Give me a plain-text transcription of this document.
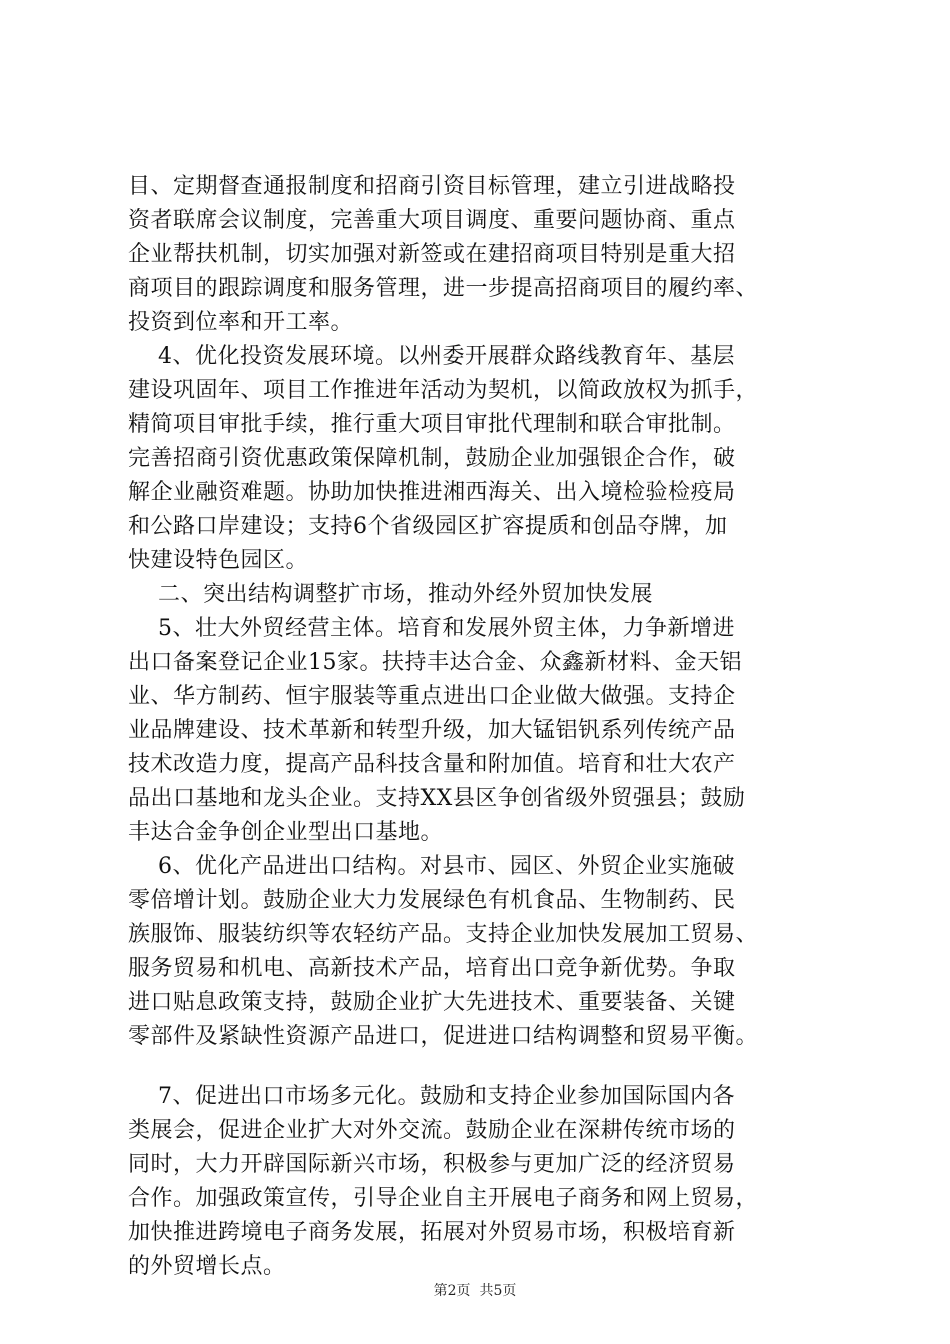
目、定期督查通报制度和招商引资目标管理，建立引进战略投
资者联席会议制度，完善重大项目调度、重要问题协商、重点
企业帮扶机制，切实加强对新签或在建招商项目特别是重大招
商项目的跟踪调度和服务管理，进一步提高招商项目的履约率、
投资到位率和开工率。
4、优化投资发展环境。以州委开展群众路线教育年、基层
建设巩固年、项目工作推进年活动为契机，以简政放权为抓手，
精简项目审批手续，推行重大项目审批代理制和联合审批制。
完善招商引资优惠政策保障机制，鼓励企业加强银企合作，破
解企业融资难题。协助加快推进湘西海关、出入境检验检疫局
和公路口岸建设；支持6个省级园区扩容提质和创品夺牌，加
快建设特色园区。
二、突出结构调整扩市场，推动外经外贸加快发展
5、壮大外贸经营主体。培育和发展外贸主体，力争新增进
出口备案登记企业15家。扶持丰达合金、众鑫新材料、金天铝
业、华方制药、恒宇服装等重点进出口企业做大做强。支持企
业品牌建设、技术革新和转型升级，加大锰铝钒系列传统产品
技术改造力度，提高产品科技含量和附加值。培育和壮大农产
品出口基地和龙头企业。支持XX县区争创省级外贸强县；鼓励
丰达合金争创企业型出口基地。
6、优化产品进出口结构。对县市、园区、外贸企业实施破
零倍增计划。鼓励企业大力发展绿色有机食品、生物制药、民
族服饰、服装纺织等农轻纺产品。支持企业加快发展加工贸易、
服务贸易和机电、高新技术产品，培育出口竞争新优势。争取
进口贴息政策支持，鼓励企业扩大先进技术、重要装备、关键
零部件及紧缺性资源产品进口，促进进口结构调整和贸易平衡。
7、促进出口市场多元化。鼓励和支持企业参加国际国内各
类展会，促进企业扩大对外交流。鼓励企业在深耕传统市场的
同时，大力开辟国际新兴市场，积极参与更加广泛的经济贸易
合作。加强政策宣传，引导企业自主开展电子商务和网上贸易，
加快推进跨境电子商务发展，拓展对外贸易市场，积极培育新
的外贸增长点。
第2页  共5页
